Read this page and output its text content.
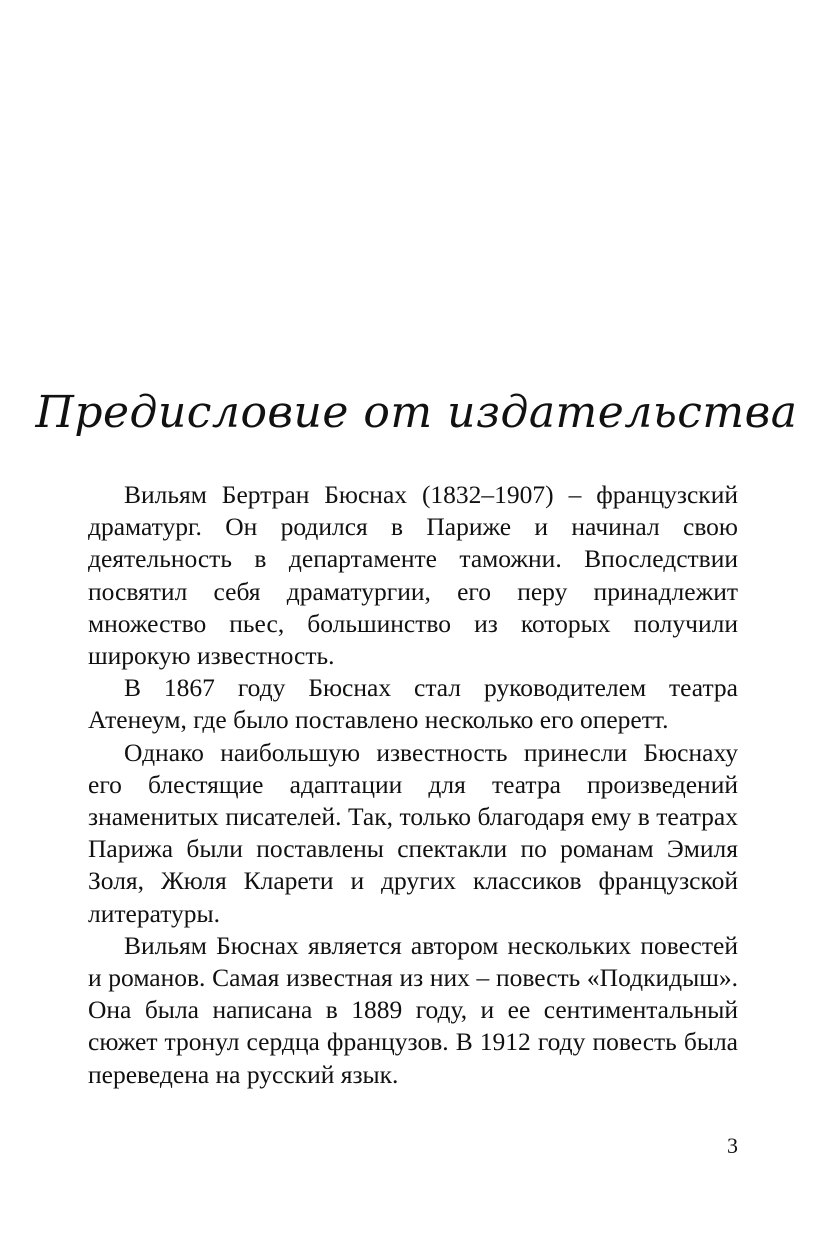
Предисловие от издательства

Вильям Бертран Бюснах (1832–1907) – французский драматург. Он родился в Париже и начинал свою деятельность в департаменте таможни. Впоследствии посвятил себя драматургии, его перу принадлежит множество пьес, большинство из которых получили широкую известность.

В 1867 году Бюснах стал руководителем театра Атенеум, где было поставлено несколько его оперетт.

Однако наибольшую известность принесли Бюснаху его блестящие адаптации для театра произведений знаменитых писателей. Так, только благодаря ему в театрах Парижа были поставлены спектакли по романам Эмиля Золя, Жюля Кларети и других классиков французской литературы.

Вильям Бюснах является автором нескольких повестей и романов. Самая известная из них – повесть «Подкидыш». Она была написана в 1889 году, и ее сентиментальный сюжет тронул сердца французов. В 1912 году повесть была переведена на русский язык.

3
